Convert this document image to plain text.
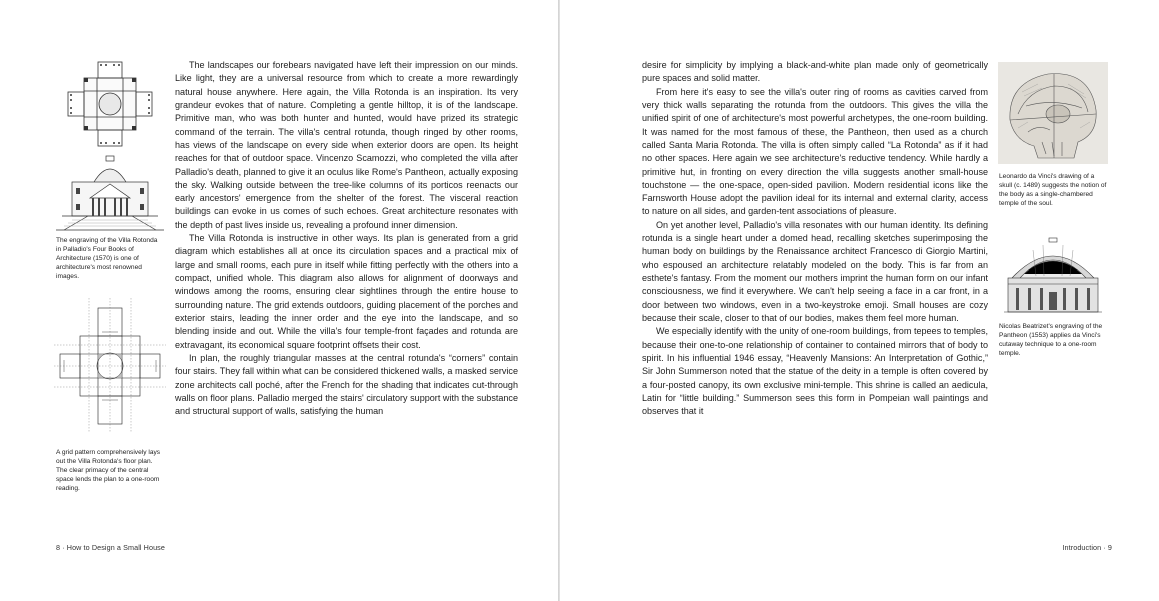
The engraving of the Villa Rotonda in Palladio's Four Books of Architecture (1570) is one of architecture's most renowned images.
A grid pattern comprehensively lays out the Villa Rotonda's floor plan. The clear primacy of the central space lends the plan to a one-room reading.

The landscapes our forebears navigated have left their impression on our minds. Like light, they are a universal resource from which to create a more rewardingly natural house anywhere. Here again, the Villa Rotonda is an inspiration. Its very grandeur evokes that of nature. Completing a gentle hilltop, it is of the landscape. Primitive man, who was both hunter and hunted, would have prized its strategic command of the terrain. The villa's central rotunda, though ringed by other rooms, has views of the landscape on every side when exterior doors are open. Its height reaches for that of outdoor space. Vincenzo Scamozzi, who completed the villa after Palladio's death, planned to give it an oculus like Rome's Pantheon, actually exposing the sky. Walking outside between the tree-like columns of its porticos reenacts our early ancestors' emergence from the shelter of the forest. The visceral reaction buildings can evoke in us comes of such echoes. Great architecture resonates with the depth of past lives inside us, revealing a profound inner dimension.

The Villa Rotonda is instructive in other ways. Its plan is generated from a grid diagram which establishes all at once its circulation spaces and a practical mix of large and small rooms, each pure in itself while fitting perfectly with the others into a compact, unified whole. This diagram also allows for alignment of doorways and windows among the rooms, ensuring clear sightlines through the entire house to surrounding nature. The grid extends outdoors, guiding placement of the porches and exterior stairs, leading the inner order and the eye into the landscape, and so blending inside and out. While the villa's four temple-front façades and rotunda are extravagant, its economical square footprint offsets their cost.

In plan, the roughly triangular masses at the central rotunda's “corners” contain four stairs. They fall within what can be considered thickened walls, a masked service zone architects call poché, after the French for the shading that indicates cut-through walls on floor plans. Palladio merged the stairs' circulatory support with the substance and structural support of walls, satisfying the human

8 · How to Design a Small House

desire for simplicity by implying a black-and-white plan made only of geometrically pure spaces and solid matter.

From here it's easy to see the villa's outer ring of rooms as cavities carved from very thick walls separating the rotunda from the outdoors. This gives the villa the unified spirit of one of architecture's most powerful archetypes, the one-room building. It was named for the most famous of these, the Pantheon, then used as a church called Santa Maria Rotonda. The villa is often simply called “La Rotonda” as if it had no other spaces. Here again we see architecture's reductive tendency. While hardly a primitive hut, in fronting on every direction the villa suggests another small-house touchstone — the one-space, open-sided pavilion. Modern residential icons like the Farnsworth House adopt the pavilion ideal for its internal and external clarity, access to nature on all sides, and garden-tent associations of pleasure.

On yet another level, Palladio's villa resonates with our human identity. Its defining rotunda is a single heart under a domed head, recalling sketches superimposing the human body on buildings by the Renaissance architect Francesco di Giorgio Martini, who espoused an architecture relatably modeled on the body. This is far from an esthete's fantasy. From the moment our mothers imprint the human form on our infant consciousness, we find it everywhere. We can't help seeing a face in a car front, in a door between two windows, even in a two-keystroke emoji. Small houses are cozy because their scale, closer to that of our bodies, makes them feel more human.

We especially identify with the unity of one-room buildings, from tepees to temples, because their one-to-one relationship of container to contained mirrors that of body to spirit. In his influential 1946 essay, “Heavenly Mansions: An Interpretation of Gothic,” Sir John Summerson noted that the statue of the deity in a temple is often covered by a four-posted canopy, its own exclusive mini-temple. This shrine is called an aedicula, Latin for “little building.” Summerson sees this form in Pompeian wall paintings and observes that it

Leonardo da Vinci's drawing of a skull (c. 1489) suggests the notion of the body as a single-chambered temple of the soul.
Nicolas Beatrizet's engraving of the Pantheon (1553) applies da Vinci's cutaway technique to a one-room temple.
Introduction · 9
